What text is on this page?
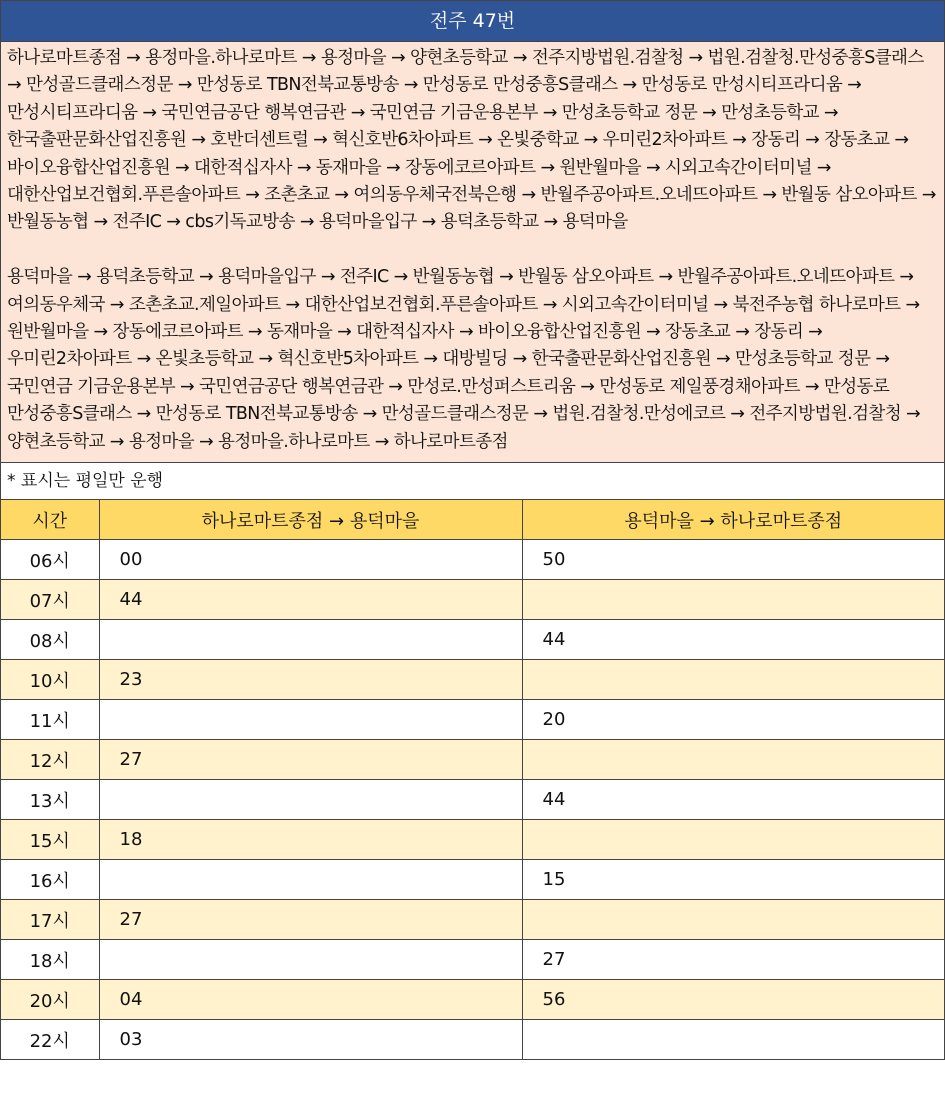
전주 47번

하나로마트종점 → 용정마을.하나로마트 → 용정마을 → 양현초등학교 → 전주지방법원.검찰청 → 법원.검찰청.만성중흥S클래스 → 만성골드클래스정문 → 만성동로 TBN전북교통방송 → 만성동로 만성중흥S클래스 → 만성동로 만성시티프라디움 → 만성시티프라디움 → 국민연금공단 행복연금관 → 국민연금 기금운용본부 → 만성초등학교 정문 → 만성초등학교 → 한국출판문화산업진흥원 → 호반더센트럴 → 혁신호반6차아파트 → 온빛중학교 → 우미린2차아파트 → 장동리 → 장동초교 → 바이오융합산업진흥원 → 대한적십자사 → 동재마을 → 장동에코르아파트 → 원반월마을 → 시외고속간이터미널 → 대한산업보건협회.푸른솔아파트 → 조촌초교 → 여의동우체국전북은행 → 반월주공아파트.오네뜨아파트 → 반월동 삼오아파트 → 반월동농협 → 전주IC → cbs기독교방송 → 용덕마을입구 → 용덕초등학교 → 용덕마을

용덕마을 → 용덕초등학교 → 용덕마을입구 → 전주IC → 반월동농협 → 반월동 삼오아파트 → 반월주공아파트.오네뜨아파트 → 여의동우체국 → 조촌초교.제일아파트 → 대한산업보건협회.푸른솔아파트 → 시외고속간이터미널 → 북전주농협 하나로마트 → 원반월마을 → 장동에코르아파트 → 동재마을 → 대한적십자사 → 바이오융합산업진흥원 → 장동초교 → 장동리 → 우미린2차아파트 → 온빛초등학교 → 혁신호반5차아파트 → 대방빌딩 → 한국출판문화산업진흥원 → 만성초등학교 정문 → 국민연금 기금운용본부 → 국민연금공단 행복연금관 → 만성로.만성퍼스트리움 → 만성동로 제일풍경채아파트 → 만성동로 만성중흥S클래스 → 만성동로 TBN전북교통방송 → 만성골드클래스정문 → 법원.검찰청.만성에코르 → 전주지방법원.검찰청 → 양현초등학교 → 용정마을 → 용정마을.하나로마트 → 하나로마트종점

* 표시는 평일만 운행
시간	하나로마트종점 → 용덕마을	용덕마을 → 하나로마트종점
06시	00	50
07시	44	
08시		44
10시	23	
11시		20
12시	27	
13시		44
15시	18	
16시		15
17시	27	
18시		27
20시	04	56
22시	03	
